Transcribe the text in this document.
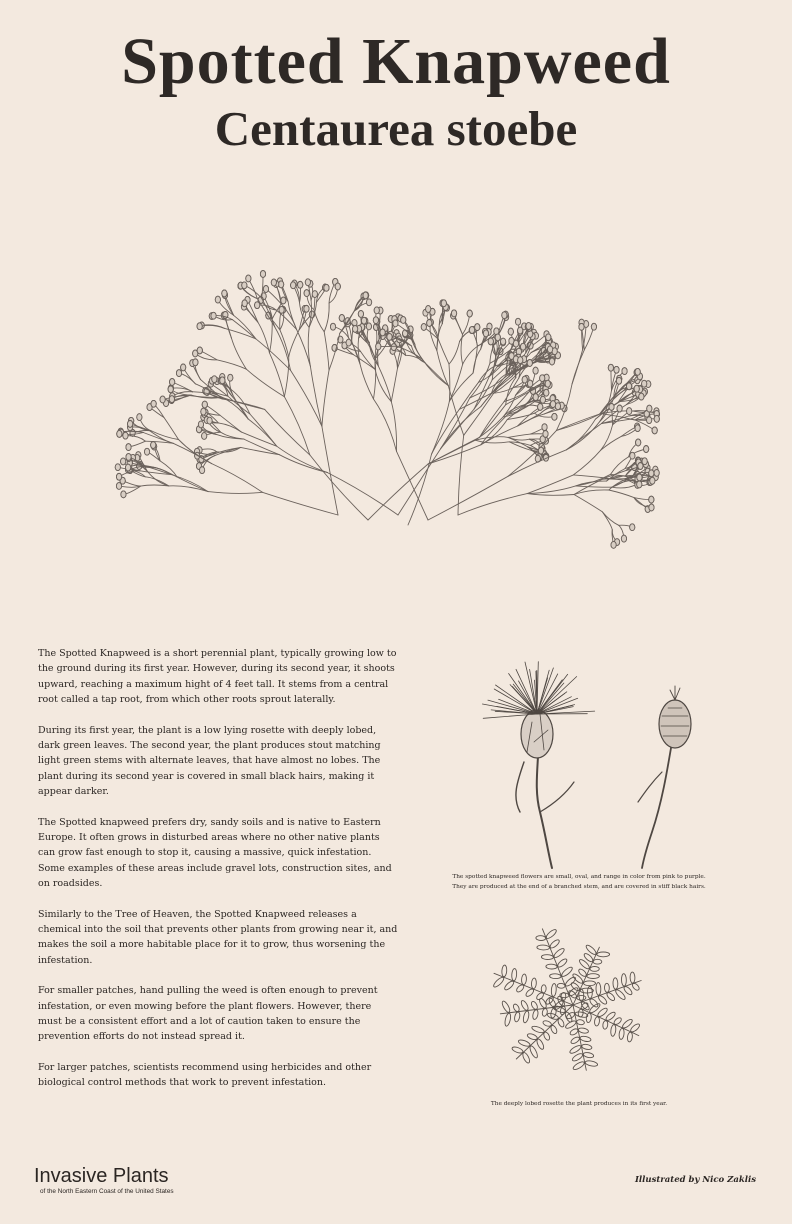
Spotted Knapweed
Centaurea stoebe

The Spotted Knapweed is a short perennial plant, typically growing low to the ground during its first year. However, during its second year, it shoots upward, reaching a maximum hight of 4 feet tall. It stems from a central root called a tap root, from which other roots sprout laterally.

During its first year, the plant is a low lying rosette with deeply lobed, dark green leaves. The second year, the plant produces stout matching light green stems with alternate leaves, that have almost no lobes. The plant during its second year is covered in small black hairs, making it appear darker.

The Spotted knapweed prefers dry, sandy soils and is native to Eastern Europe. It often grows in disturbed areas where no other native plants can grow fast enough to stop it, causing a massive, quick infestation. Some examples of these areas include gravel lots, construction sites, and on roadsides.

Similarly to the Tree of Heaven, the Spotted Knapweed releases a chemical into the soil that prevents other plants from growing near it, and makes the soil a more habitable place for it to grow, thus worsening the infestation.

For smaller patches, hand pulling the weed is often enough to prevent infestation, or even mowing before the plant flowers. However, there must be a consistent effort and a lot of caution taken to ensure the prevention efforts do not instead spread it.

For larger patches, scientists recommend using herbicides and other biological control methods that work to prevent infestation.

The spotted knapweed flowers are small, oval, and range in color from pink to purple.
They are produced at the end of a branched stem, and are covered in stiff black hairs.
The deeply lobed rosette the plant produces in its first year.
Invasive Plants
of the North Eastern Coast of the United States
Illustrated by Nico Zaklis
